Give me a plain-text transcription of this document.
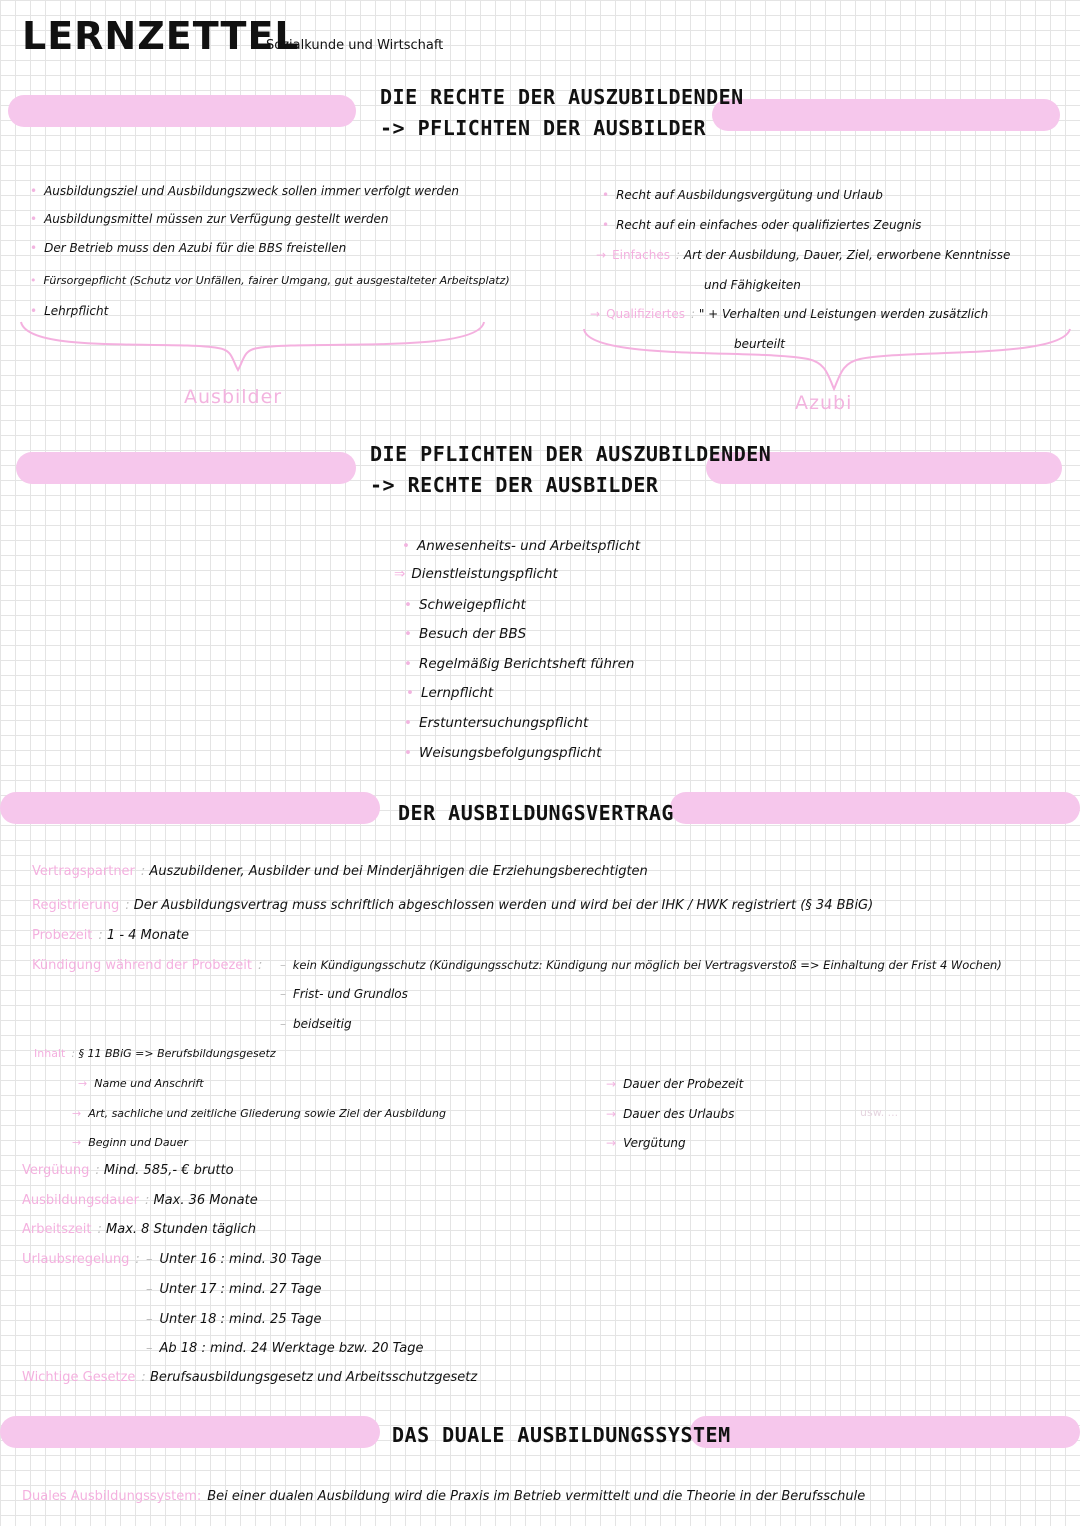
LERNZETTEL
Sozialkunde und Wirtschaft
DIE RECHTE DER AUSZUBILDENDEN
-> PFLICHTEN DER AUSBILDER
• Ausbildungsziel und Ausbildungszweck sollen immer verfolgt werden
• Ausbildungsmittel müssen zur Verfügung gestellt werden
• Der Betrieb muss den Azubi für die BBS freistellen
• Fürsorgepflicht (Schutz vor Unfällen, fairer Umgang, gut ausgestalteter Arbeitsplatz)
• Lehrpflicht
Ausbilder
• Recht auf Ausbildungsvergütung und Urlaub
• Recht auf ein einfaches oder qualifiziertes Zeugnis
→ Einfaches : Art der Ausbildung, Dauer, Ziel, erworbene Kenntnisse
und Fähigkeiten
→ Qualifiziertes : " + Verhalten und Leistungen werden zusätzlich
beurteilt
Azubi
DIE PFLICHTEN DER AUSZUBILDENDEN
-> RECHTE DER AUSBILDER
• Anwesenheits- und Arbeitspflicht
⇒ Dienstleistungspflicht
• Schweigepflicht
• Besuch der BBS
• Regelmäßig Berichtsheft führen
• Lernpflicht
• Erstuntersuchungspflicht
• Weisungsbefolgungspflicht
DER AUSBILDUNGSVERTRAG
Vertragspartner : Auszubildener, Ausbilder und bei Minderjährigen die Erziehungsberechtigten
Registrierung : Der Ausbildungsvertrag muss schriftlich abgeschlossen werden und wird bei der IHK / HWK registriert (§ 34 BBiG)
Probezeit : 1 - 4 Monate
Kündigung während der Probezeit :	– kein Kündigungsschutz (Kündigungsschutz: Kündigung nur möglich bei Vertragsverstoß => Einhaltung der Frist 4 Wochen)
– Frist- und Grundlos
– beidseitig
Inhalt : § 11 BBiG => Berufsbildungsgesetz
→ Name und Anschrift
→ Art, sachliche und zeitliche Gliederung sowie Ziel der Ausbildung
→ Beginn und Dauer
→ Dauer der Probezeit
→ Dauer des Urlaubs
→ Vergütung
usw. ...
Vergütung : Mind. 585,- € brutto
Ausbildungsdauer : Max. 36 Monate
Arbeitszeit : Max. 8 Stunden täglich
Urlaubsregelung : – Unter 16 : mind. 30 Tage
– Unter 17 : mind. 27 Tage
– Unter 18 : mind. 25 Tage
– Ab 18 : mind. 24 Werktage bzw. 20 Tage
Wichtige Gesetze : Berufsausbildungsgesetz und Arbeitsschutzgesetz
DAS DUALE AUSBILDUNGSSYSTEM
Duales Ausbildungssystem: Bei einer dualen Ausbildung wird die Praxis im Betrieb vermittelt und die Theorie in der Berufsschule
